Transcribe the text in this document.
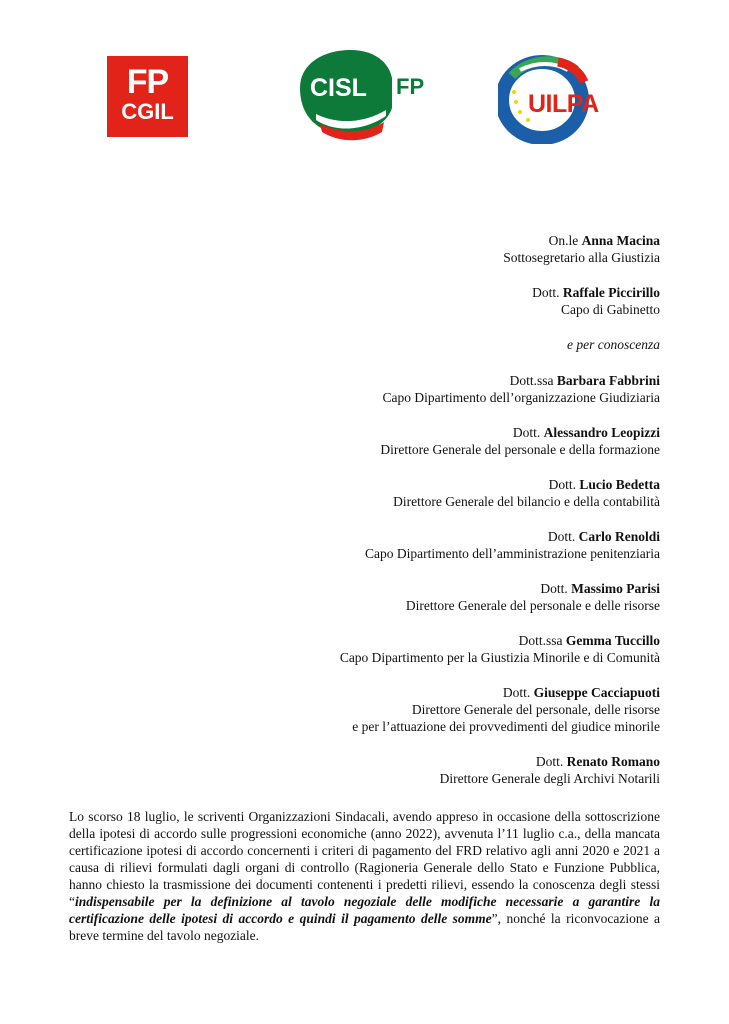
FP
CGIL
CISL FP
UILPA
On.le Anna Macina
Sottosegretario alla Giustizia
Dott. Raffale Piccirillo
Capo di Gabinetto
e per conoscenza
Dott.ssa Barbara Fabbrini
Capo Dipartimento dell’organizzazione Giudiziaria
Dott. Alessandro Leopizzi
Direttore Generale del personale e della formazione
Dott. Lucio Bedetta
Direttore Generale del bilancio e della contabilità
Dott. Carlo Renoldi
Capo Dipartimento dell’amministrazione penitenziaria
Dott. Massimo Parisi
Direttore Generale del personale e delle risorse
Dott.ssa Gemma Tuccillo
Capo Dipartimento per la Giustizia Minorile e di Comunità
Dott. Giuseppe Cacciapuoti
Direttore Generale del personale, delle risorse
e per l’attuazione dei provvedimenti del giudice minorile
Dott. Renato Romano
Direttore Generale degli Archivi Notarili
Lo scorso 18 luglio, le scriventi Organizzazioni Sindacali, avendo appreso in occasione della sottoscrizione della ipotesi di accordo sulle progressioni economiche (anno 2022), avvenuta l’11 luglio c.a., della mancata certificazione ipotesi di accordo concernenti i criteri di pagamento del FRD relativo agli anni 2020 e 2021 a causa di rilievi formulati dagli organi di controllo (Ragioneria Generale dello Stato e Funzione Pubblica, hanno chiesto la trasmissione dei documenti contenenti i predetti rilievi, essendo la conoscenza degli stessi “indispensabile per la definizione al tavolo negoziale delle modifiche necessarie a garantire la certificazione delle ipotesi di accordo e quindi il pagamento delle somme”, nonché la riconvocazione a breve termine del tavolo negoziale.
